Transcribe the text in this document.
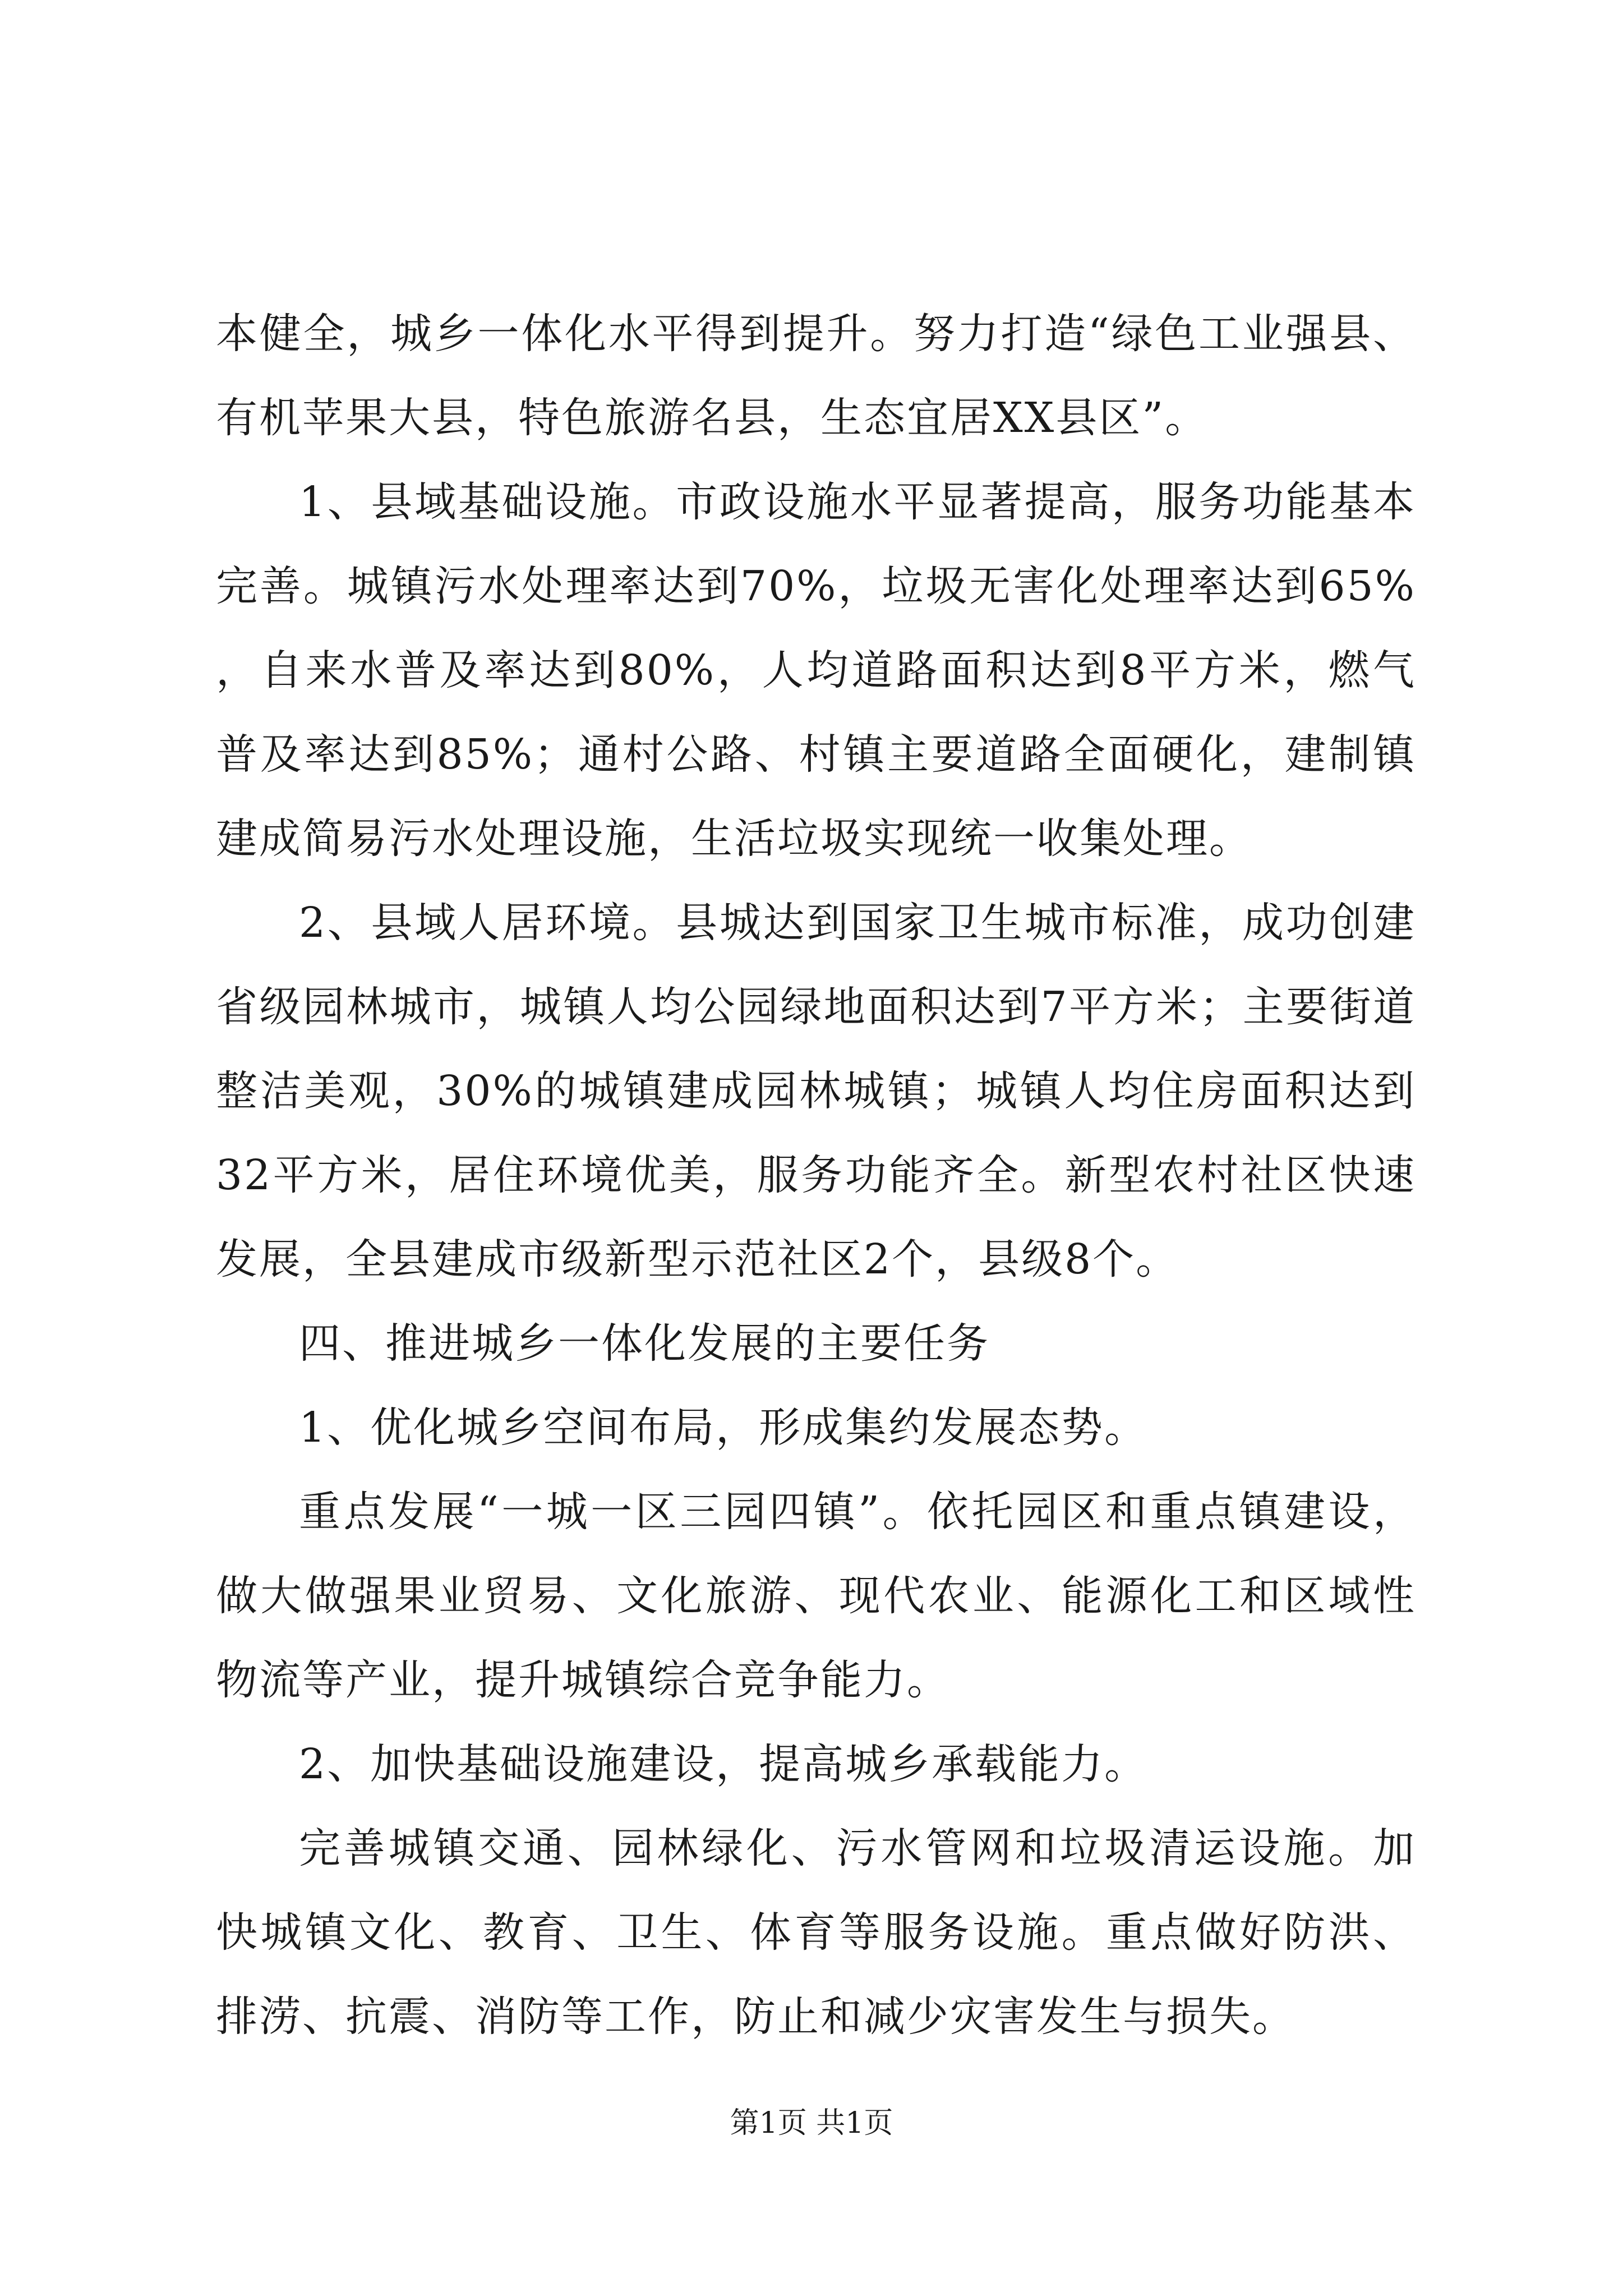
本健全，城乡一体化水平得到提升。努力打造“绿色工业强县、有机苹果大县，特色旅游名县，生态宜居XX县区”。

1、县域基础设施。市政设施水平显著提高，服务功能基本完善。城镇污水处理率达到70%，垃圾无害化处理率达到65%，自来水普及率达到80%，人均道路面积达到8平方米，燃气普及率达到85%；通村公路、村镇主要道路全面硬化，建制镇建成简易污水处理设施，生活垃圾实现统一收集处理。

2、县域人居环境。县城达到国家卫生城市标准，成功创建省级园林城市，城镇人均公园绿地面积达到7平方米；主要街道整洁美观，30%的城镇建成园林城镇；城镇人均住房面积达到32平方米，居住环境优美，服务功能齐全。新型农村社区快速发展，全县建成市级新型示范社区2个，县级8个。

四、推进城乡一体化发展的主要任务

1、优化城乡空间布局，形成集约发展态势。

重点发展“一城一区三园四镇”。依托园区和重点镇建设，做大做强果业贸易、文化旅游、现代农业、能源化工和区域性物流等产业，提升城镇综合竞争能力。

2、加快基础设施建设，提高城乡承载能力。

完善城镇交通、园林绿化、污水管网和垃圾清运设施。加快城镇文化、教育、卫生、体育等服务设施。重点做好防洪、排涝、抗震、消防等工作，防止和减少灾害发生与损失。

第1页 共1页
